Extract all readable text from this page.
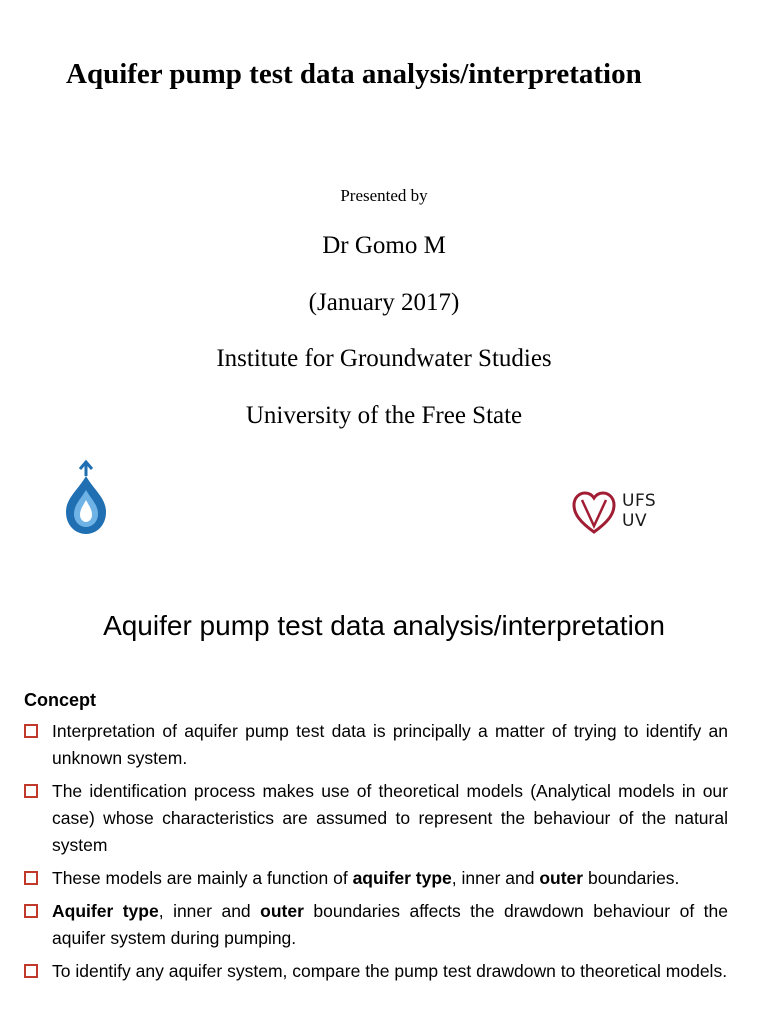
Aquifer pump test data analysis/interpretation
Presented by
Dr Gomo M
(January 2017)
Institute for Groundwater Studies
University of the Free State
UFS
UV
Aquifer pump test data analysis/interpretation
Concept
Interpretation of aquifer pump test data is principally a matter of trying to identify an unknown system.
The identification process makes use of theoretical models (Analytical models in our case) whose characteristics are assumed to represent the behaviour of the natural system
These models are mainly a function of aquifer type, inner and outer boundaries.
Aquifer type, inner and outer boundaries affects the drawdown behaviour of the aquifer system during pumping.
To identify any aquifer system, compare the pump test drawdown to theoretical models.
